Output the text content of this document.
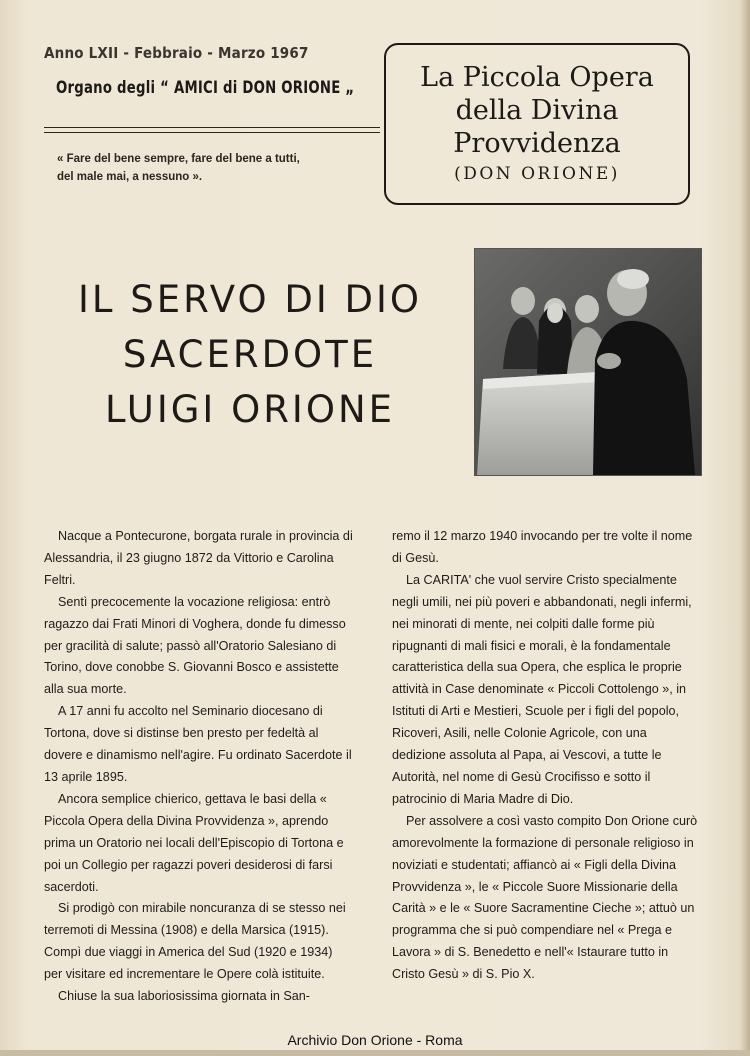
Anno LXII - Febbraio - Marzo 1967
Organo degli “ AMICI di DON ORIONE „
« Fare del bene sempre, fare del bene a tutti,
del male mai, a nessuno ».
La Piccola Opera
della Divina
Provvidenza
(DON ORIONE)
IL SERVO DI DIO
SACERDOTE
LUIGI ORIONE

Nacque a Pontecurone, borgata rurale in provincia di Alessandria, il 23 giugno 1872 da Vittorio e Carolina Feltri.

Sentì precocemente la vocazione religiosa: entrò ragazzo dai Frati Minori di Voghera, donde fu dimesso per gracilità di salute; passò all'Oratorio Salesiano di Torino, dove conobbe S. Giovanni Bosco e assistette alla sua morte.

A 17 anni fu accolto nel Seminario diocesano di Tortona, dove si distinse ben presto per fedeltà al dovere e dinamismo nell'agire. Fu ordinato Sacerdote il 13 aprile 1895.

Ancora semplice chierico, gettava le basi della « Piccola Opera della Divina Provvidenza », aprendo prima un Oratorio nei locali dell'Episcopio di Tortona e poi un Collegio per ragazzi poveri desiderosi di farsi sacerdoti.

Si prodigò con mirabile noncuranza di se stesso nei terremoti di Messina (1908) e della Marsica (1915). Compì due viaggi in America del Sud (1920 e 1934) per visitare ed incrementare le Opere colà istituite.

Chiuse la sua laboriosissima giornata in San-

remo il 12 marzo 1940 invocando per tre volte il nome di Gesù.

La CARITA' che vuol servire Cristo specialmente negli umili, nei più poveri e abbandonati, negli infermi, nei minorati di mente, nei colpiti dalle forme più ripugnanti di mali fisici e morali, è la fondamentale caratteristica della sua Opera, che esplica le proprie attività in Case denominate « Piccoli Cottolengo », in Istituti di Arti e Mestieri, Scuole per i figli del popolo, Ricoveri, Asili, nelle Colonie Agricole, con una dedizione assoluta al Papa, ai Vescovi, a tutte le Autorità, nel nome di Gesù Crocifisso e sotto il patrocinio di Maria Madre di Dio.

Per assolvere a così vasto compito Don Orione curò amorevolmente la formazione di personale religioso in noviziati e studentati; affiancò ai « Figli della Divina Provvidenza », le « Piccole Suore Missionarie della Carità » e le « Suore Sacramentine Cieche »; attuò un programma che si può compendiare nel « Prega e Lavora » di S. Benedetto e nell'« Istaurare tutto in Cristo Gesù » di S. Pio X.

Archivio Don Orione - Roma
